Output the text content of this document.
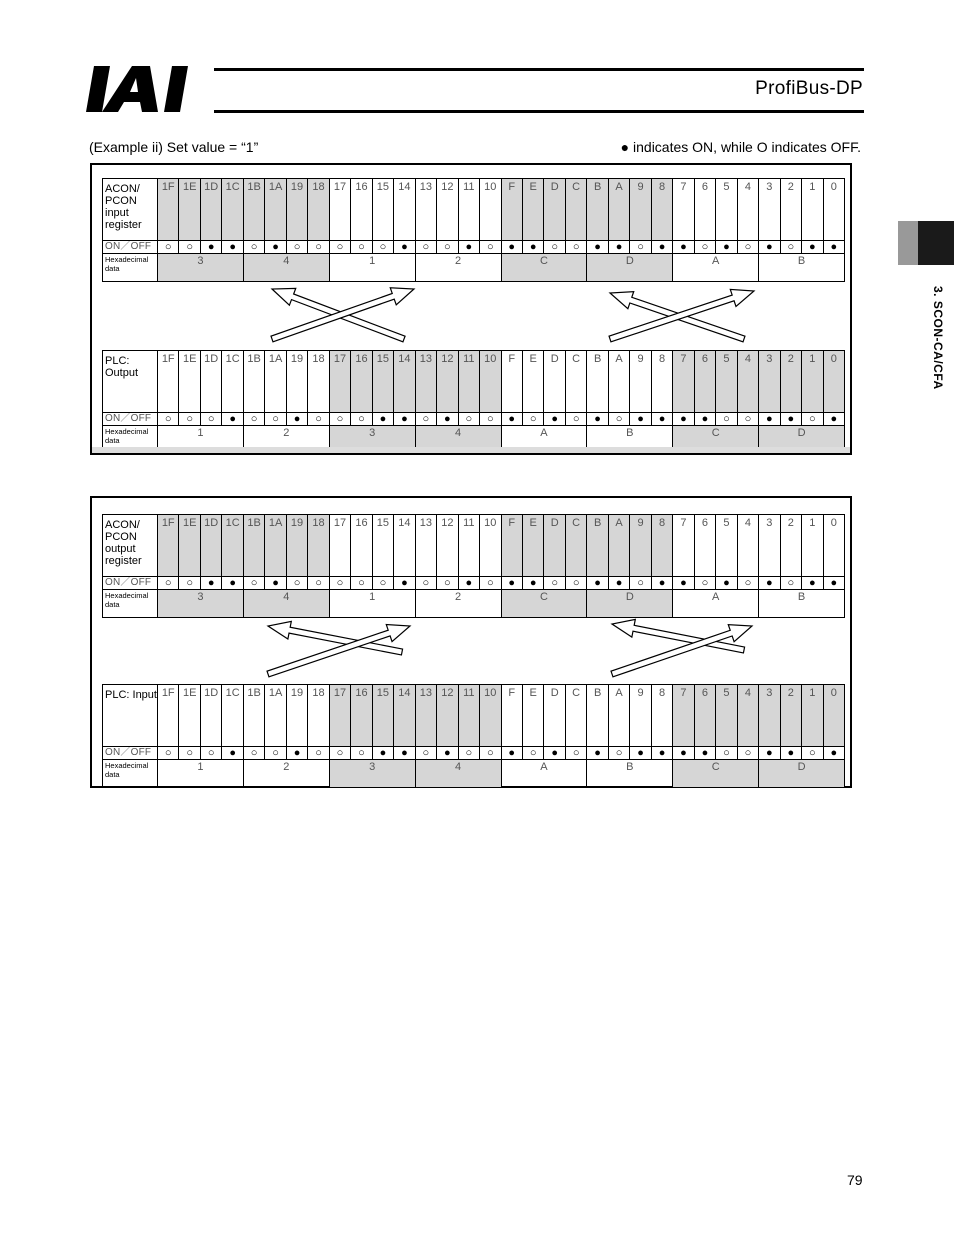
ProfiBus-DP
(Example ii) Set value = “1”	● indicates ON, while O indicates OFF.
3. SCON-CA/CFA
ACON/ PCON input register	1F	1E	1D	1C	1B	1A	19	18	17	16	15	14	13	12	11	10	F	E	D	C	B	A	9	8	7	6	5	4	3	2	1	0
ON／OFF	○	○	●	●	○	●	○	○	○	○	○	●	○	○	●	○	●	●	○	○	●	●	○	●	●	○	●	○	●	○	●	●
Hexadecimal data	3				4				1				2				C				D				A				B			
PLC: Output	1F	1E	1D	1C	1B	1A	19	18	17	16	15	14	13	12	11	10	F	E	D	C	B	A	9	8	7	6	5	4	3	2	1	0
ON／OFF	○	○	○	●	○	○	●	○	○	○	●	●	○	●	○	○	●	○	●	○	●	○	●	●	●	●	○	○	●	●	○	●
Hexadecimal data	1				2				3				4				A				B				C				D			
ACON/ PCON output register	1F	1E	1D	1C	1B	1A	19	18	17	16	15	14	13	12	11	10	F	E	D	C	B	A	9	8	7	6	5	4	3	2	1	0
ON／OFF	○	○	●	●	○	●	○	○	○	○	○	●	○	○	●	○	●	●	○	○	●	●	○	●	●	○	●	○	●	○	●	●
Hexadecimal data	3				4				1				2				C				D				A				B			
PLC: Input	1F	1E	1D	1C	1B	1A	19	18	17	16	15	14	13	12	11	10	F	E	D	C	B	A	9	8	7	6	5	4	3	2	1	0
ON／OFF	○	○	○	●	○	○	●	○	○	○	●	●	○	●	○	○	●	○	●	○	●	○	●	●	●	●	○	○	●	●	○	●
Hexadecimal data	1				2				3				4				A				B				C				D			
79
